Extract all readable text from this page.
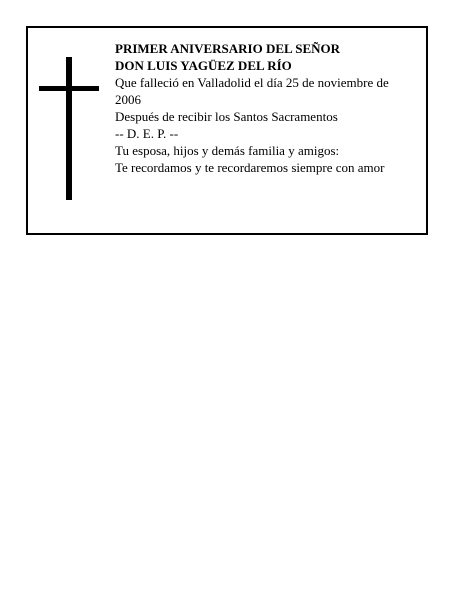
PRIMER ANIVERSARIO DEL SEÑOR

DON LUIS YAGÜEZ DEL RÍO

Que falleció en Valladolid el día 25 de noviembre de 2006

Después de recibir los Santos Sacramentos

-- D. E. P. --

Tu esposa, hijos y demás familia y amigos:

Te recordamos y te recordaremos siempre con amor
